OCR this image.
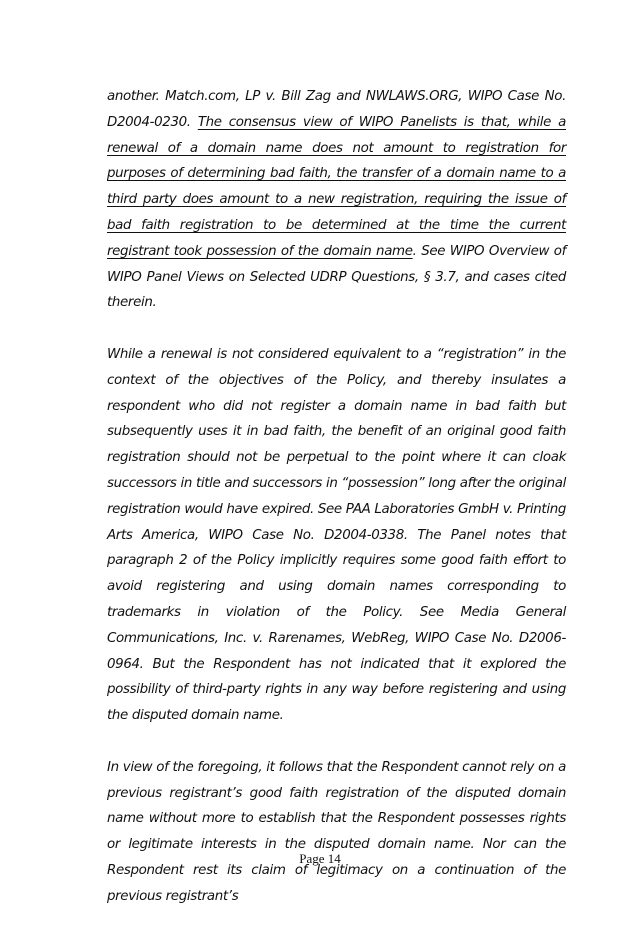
another. Match.com, LP v. Bill Zag and NWLAWS.ORG, WIPO Case No. D2004-0230. The consensus view of WIPO Panelists is that, while a renewal of a domain name does not amount to registration for purposes of determining bad faith, the transfer of a domain name to a third party does amount to a new registration, requiring the issue of bad faith registration to be determined at the time the current registrant took possession of the domain name. See WIPO Overview of WIPO Panel Views on Selected UDRP Questions, § 3.7, and cases cited therein.

While a renewal is not considered equivalent to a “registration” in the context of the objectives of the Policy, and thereby insulates a respondent who did not register a domain name in bad faith but subsequently uses it in bad faith, the benefit of an original good faith registration should not be perpetual to the point where it can cloak successors in title and successors in “possession” long after the original registration would have expired. See PAA Laboratories GmbH v. Printing Arts America, WIPO Case No. D2004-0338. The Panel notes that paragraph 2 of the Policy implicitly requires some good faith effort to avoid registering and using domain names corresponding to trademarks in violation of the Policy. See Media General Communications, Inc. v. Rarenames, WebReg, WIPO Case No. D2006-0964. But the Respondent has not indicated that it explored the possibility of third-party rights in any way before registering and using the disputed domain name.

In view of the foregoing, it follows that the Respondent cannot rely on a previous registrant’s good faith registration of the disputed domain name without more to establish that the Respondent possesses rights or legitimate interests in the disputed domain name. Nor can the Respondent rest its claim of legitimacy on a continuation of the previous registrant’s

Page 14
